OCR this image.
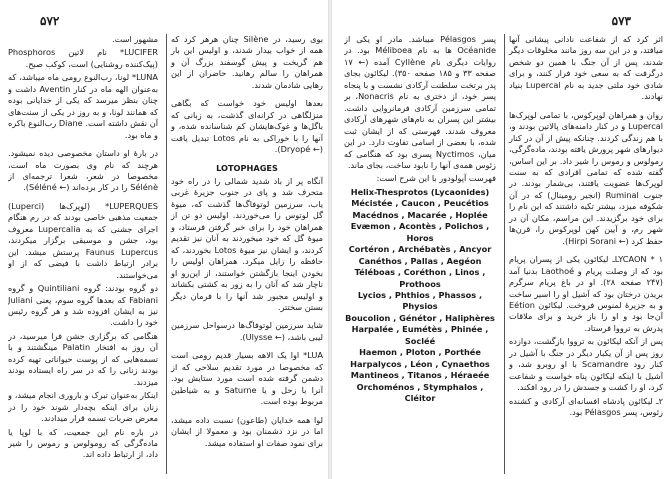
۵۷۲

بوی رسید، در Silène چنان هرهر کرد که همه از خواب بیدار شدند، و اولیس این بار هم گریخت و پیش گوسفند بزرگ آن و همراهان را سالم رهانید. حاضران از این رهایی شادمان شدند.

بعدها اولیس خود خواست که بگاهی منزلگاهی در کرانه‌ای گذشت، به زبانی که باگل‌ها و غوک‌هایشان کم شناسانده شده، و آنها را با خوراکی به نام Lotos تبدیل یافت (← Dryopé).

LOTOPHAGES

آنگاه پر از باد شدید شمالی را در راه خود متحرف شد و پای در جنوب جزیرهٔ غربی یاب، سرزمین لوتوفاگ‌ها گذشت که، میوهٔ گل لوتوس را می‌خوردند. اولیس دو تن از همراهان خود را برای خبر گرفتن فرستاد، و میوهٔ گل که خود میخوردند به آنان نیز تقدیم کردند، و ایشان نیز میوهٔ Lotos بخوردند، که حافظه را زایل میکرد. همراهان اولیس را بخودن اینجا بازگشتن خواستند، از این‌رو او ناچار شد که آنان را به زور به کشتی بکشاند و اولیس مجبور شد آنها را با فرمان دیگر بستن سختتر.

شاید سرزمین لوتوفاگ‌ها درسواحل سرزمین لیبی باشد، (← Ulysse).

LUA* اوا یک الاهه بسیار قدیم رومی است که مخصوصا در مورد تقدیم سلاحی که از دشمن گرفته شده است مورد ستایش بود. آنرا با زحل و یا Saturne و به شیاطین مربوط بوده است.

لوا همه خدایان (طاعون) نسبت داده میشد، اما در نزد دشمنان بود و معمولا از ایشان برای نمود صفات او استفاده میشد.

مشهور است.

LUCIFER* نام لاتین Phosphoros (پیک‌کننده روشنایی) است، کوکب صبح.

LUNA* لونا، رب‌النوع رومی ماه میباشد، که به‌عنوان الهه ماه در کنار Aventin داشت و چنان بنظر میرسد که یکی از خدایانی بوده که همانند لونا، و به روز در یکی از سنت‌های آن نقش داشته است. Diane رب‌النوع باکره و ماه بود.

در بارهٔ او داستان مخصوصی دیده نمیشود. هرچند که نام وی بصورت ماه است، مخصوصا در شعر، شعرا ترجمه‌ای از Sélénè را در کار برده‌اند (← Séléné).

LUPERQUES* (لوپرک‌ها (Luperci) جمعیت مذهبی خاصی بودند که در رم هنگام اجرای جشنی که به Lupercalia معروف بود، جشن و موسیقی برگزار میکردند، Faunus Lupercus پرستش میشد. این برادر ارتباط داشت با فیضی که از او می‌خواستند.

دو گروه بودند: گروه Quintiliani و گروه Fabiani که بعدها گروه سوم، یعنی Juliani نیز به ایشان افزوده شد و هر گروه رئیس خود را داشت.

هنگامی که برگزاری جشن فرا میرسید، در آن روز به افتخار Palatin مینگشتند و با تسمه‌هایی که از پوست حیواناتی تهیه کرده بودند زنانی را که در سر راه ایستاده بودند میزدند.

اینکار به‌عنوان تبرک و باروری انجام میشد، و زنان برای اینکه بچه‌دار شوند خود را در معرض ضربات تسمه قرار میدادند.

در باره نام این جمعیت، که با لوپا یا ماده‌گرگی که رومولوس و رموس را شیر داد، از ارتباط داده اند.

۵۷۳

اثر کرد که از شفاعت نادانی پیشانی آنها میافتد، و در این سه روز مانند مخلوقات دیگر شدند، پس از آن جنگ با همین دو شخص درگرفت که به سعی خود فرار کنند، و برای شادی خود ملتی جدید به نام Lupercal بنیاد نهادند.

روان و همراهان لوپرکوس، با تمامی لوپرک‌ها Lupercal و در کنار دامنه‌های پالاتین بودند و، با هم زندگی کردند. چنانکه پیش از آن در کنار دیوارهای شهر پرورش یافته بودند، ماده‌گرگی، رمولوس و رموس را شیر داد. بر این اساس، گفته شده که تمامی افرادی که به سنت لوپرک‌ها عضویت یافتند، بی‌شمار بودند. در جنوب Ruminal (انجیر رومینال) که در آن شکوفه میزد، بیشتر تکیه داشتند که این نام را برای خود برگزیدند. این مراسم، مکان آن در شهر رم، و آیین کهن لوپرکوس را، قرن‌ها حفظ کرد (← Hirpi Sorani).

LYCAON * ۱ـ لیکائون یکی از پسران پریام بود که از وصلت پریام و Laothoé بدنیا آمد (۲۴۷ صفحه ۲۸). او در باغ پریام سرگرم بریدن درختان بود که آشیل او را اسیر ساخت و به جزیرهٔ لمنوس فروخت. لیکائون Eétion آن‌جا بود و او را باز خرید و برای ملاقات پدرش به ترووا فرستاد.

پس از آنکه لیکائون به ترووا بازگشت، دوازده روز پس از آن یکبار دیگر در جنگ با آشیل در کنار رود Scamandre با او روبرو شد، و آشیل با اینکه لیکائون پناه خواست و شفاعت کرد، او را کشت و جسدش را در رود افکند.

۲ـ لیکائون پادشاه افسانه‌ای آرکادی و کشنده زئوس، پسر Pélasgos بود.

پسر Pélasgos میباشد. مادر او یکی از Océanide ها به نام Méliboea بود. در روایات دیگری نام Cyllène آمده (← ۱۷ صفحه ۳۳ و ۱۸۵ صفحه ۳۵۰). لیکائون بجای پدر برتخت سلطنت آرکادی نشست و با پنجاه پسر خود، از دختری به نام Nonacris، بر تمامی سرزمین آرکادی فرمانروایی داشت. بیشتر این پسران به نام‌های شهرهای آرکادی معروف شدند. فهرستی که از ایشان ثبت شده، با بعضی از اسامی تفاوت دارد. در این میان، Nyctimos پسری بود که هنگامی که زئوس همه‌ی آنها را نابود ساخت، بجای ماند.

فهرست آپولودور با این شرح است:

(Helix-Thesprotos (Lycaonides

Mécistée , Caucon , Peucétios

Macédnos , Macarée , Hoplée

Evæmon , Acontès , Polichos , Horos

Cortéron , Archébatès , Ancyor

Canéthos , Pallas , Aegéon

Téléboas , Coréthon , Linos , Prothoos

Lycios , Phthios , Phassos , Physios

Boucolion , Génétor , Haliphères

Harpalée , Eumétès , Phinée , Socléé

Haemon , Ploton , Porthée

Harpalycos , Léon , Cynaethos

Mantineos , Titanos , Héraeée

Orchoménos , Stymphalos , Cléitor
